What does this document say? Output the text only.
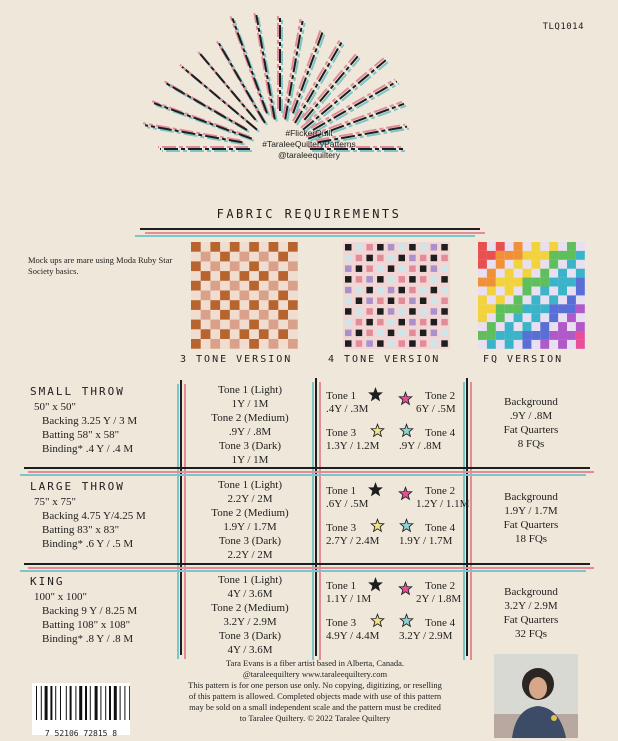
TLQ1014
#FlickerQuilt
#TaraleeQuilteryPatterns
@taraleequiltery
FABRIC REQUIREMENTS
Mock ups are mare using Moda Ruby Star Society basics.
3 TONE VERSION	4 TONE VERSION	FQ VERSION
SMALL THROW
50" x 50"
Backing 3.25 Y / 3 M
Batting 58" x 58"
Binding* .4 Y / .4 M
Tone 1 (Light)
1Y / 1M
Tone 2 (Medium)
.9Y / .8M
Tone 3 (Dark)
1Y / 1M
Tone 1
.4Y / .3M
Tone 2
6Y / .5M
Tone 3
1.3Y / 1.2M
Tone 4
.9Y / .8M
Background
.9Y / .8M
Fat Quarters
8 FQs
LARGE THROW
75" x 75"
Backing 4.75 Y/4.25 M
Batting 83" x 83"
Binding* .6 Y / .5 M
Tone 1 (Light)
2.2Y / 2M
Tone 2 (Medium)
1.9Y / 1.7M
Tone 3 (Dark)
2.2Y / 2M
Tone 1
.6Y / .5M
Tone 2
1.2Y / 1.1M
Tone 3
2.7Y / 2.4M
Tone 4
1.9Y / 1.7M
Background
1.9Y / 1.7M
Fat Quarters
18 FQs
KING
100" x 100"
Backing 9 Y / 8.25 M
Batting 108" x 108"
Binding* .8 Y / .8 M
Tone 1 (Light)
4Y / 3.6M
Tone 2 (Medium)
3.2Y / 2.9M
Tone 3 (Dark)
4Y / 3.6M
Tone 1
1.1Y / 1M
Tone 2
2Y / 1.8M
Tone 3
4.9Y / 4.4M
Tone 4
3.2Y / 2.9M
Background
3.2Y / 2.9M
Fat Quarters
32 FQs
Tara Evans is a fiber artist based in Alberta, Canada.
@taraleequiltery www.taraleequiltery.com
This pattern is for one person use only. No copying, digitizing, or reselling
of this pattern is allowed. Completed objects made with use of this pattern
may be sold on a small independent scale and the pattern must be credited
to Taralee Quiltery. © 2022 Taralee Quiltery
7 52106 72815 8
